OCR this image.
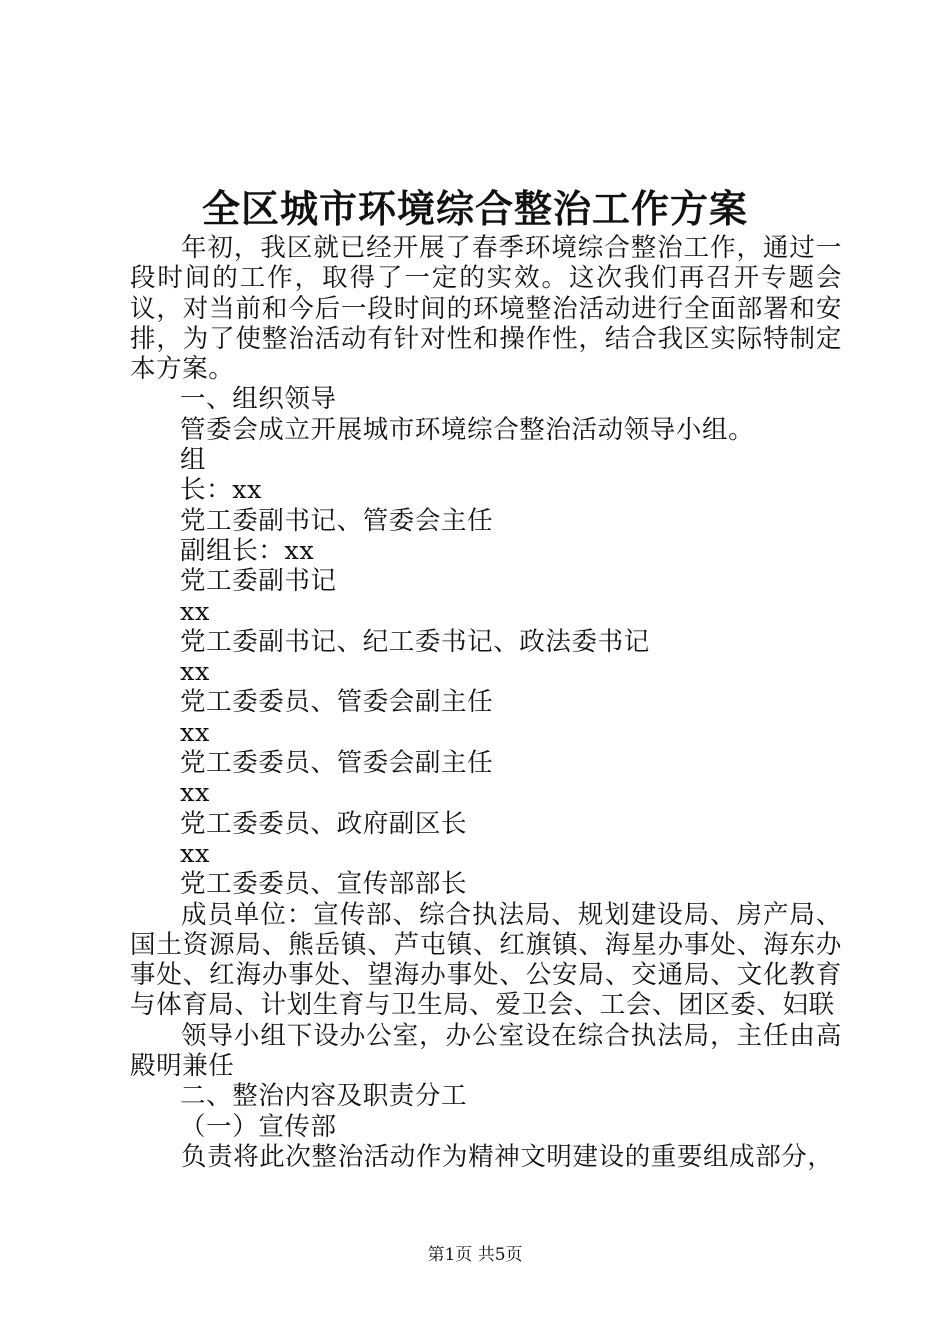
全区城市环境综合整治工作方案

年初，我区就已经开展了春季环境综合整治工作，通过一段时间的工作，取得了一定的实效。这次我们再召开专题会议，对当前和今后一段时间的环境整治活动进行全面部署和安排，为了使整治活动有针对性和操作性，结合我区实际特制定本方案。

一、组织领导

管委会成立开展城市环境综合整治活动领导小组。

组

长：xx

党工委副书记、管委会主任

副组长：xx

党工委副书记

xx

党工委副书记、纪工委书记、政法委书记

xx

党工委委员、管委会副主任

xx

党工委委员、管委会副主任

xx

党工委委员、政府副区长

xx

党工委委员、宣传部部长

成员单位：宣传部、综合执法局、规划建设局、房产局、国土资源局、熊岳镇、芦屯镇、红旗镇、海星办事处、海东办事处、红海办事处、望海办事处、公安局、交通局、文化教育与体育局、计划生育与卫生局、爱卫会、工会、团区委、妇联

领导小组下设办公室，办公室设在综合执法局，主任由高殿明兼任

二、整治内容及职责分工

（一）宣传部

负责将此次整治活动作为精神文明建设的重要组成部分，

第1页 共5页
